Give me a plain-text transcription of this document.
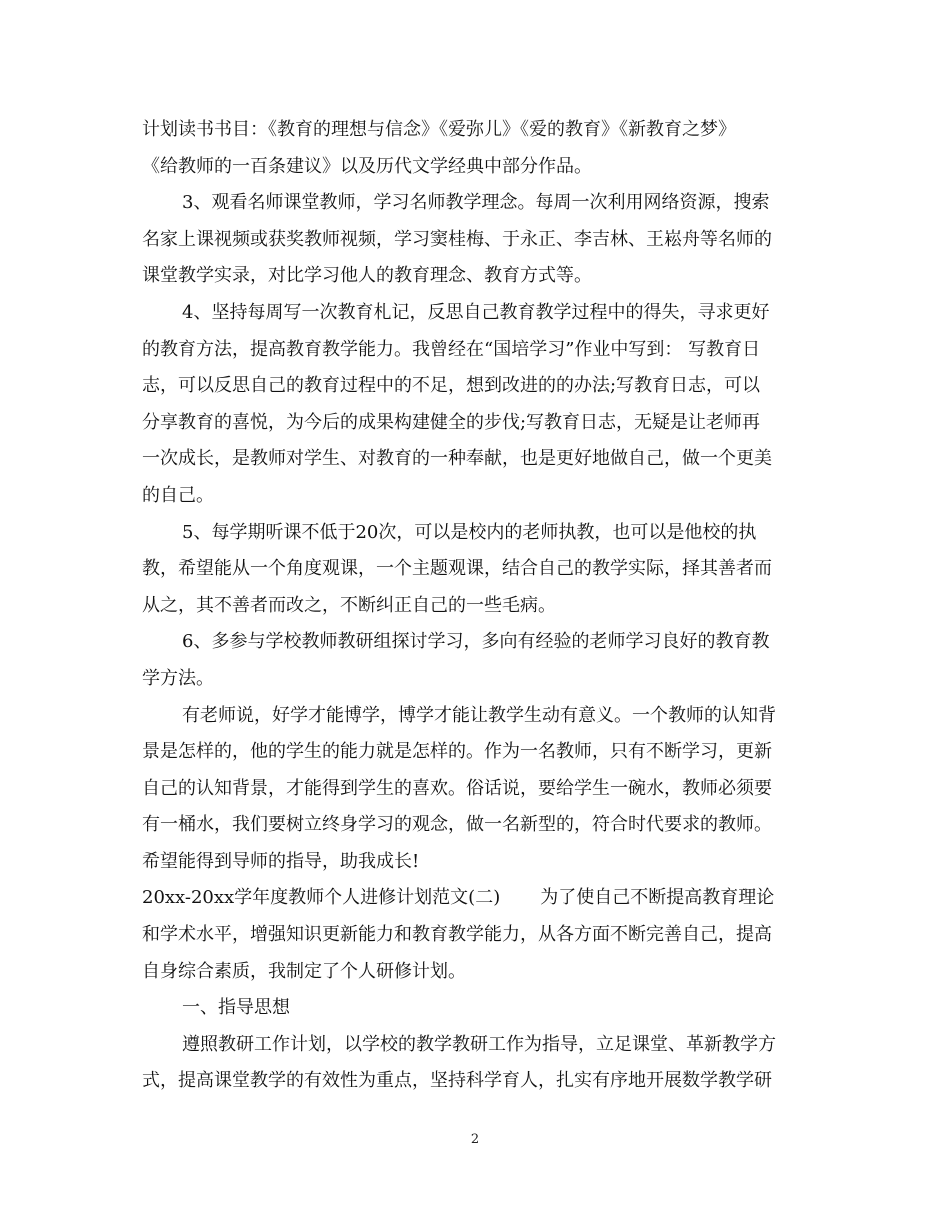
计划读书书目：《教育的理想与信念》《爱弥儿》《爱的教育》《新教育之梦》
《给教师的一百条建议》以及历代文学经典中部分作品。
3、观看名师课堂教师，学习名师教学理念。每周一次利用网络资源，搜索
名家上课视频或获奖教师视频，学习窦桂梅、于永正、李吉林、王崧舟等名师的
课堂教学实录，对比学习他人的教育理念、教育方式等。
4、坚持每周写一次教育札记，反思自己教育教学过程中的得失，寻求更好
的教育方法，提高教育教学能力。我曾经在“国培学习”作业中写到： 写教育日
志，可以反思自己的教育过程中的不足，想到改进的的办法;写教育日志，可以
分享教育的喜悦，为今后的成果构建健全的步伐;写教育日志，无疑是让老师再
一次成长，是教师对学生、对教育的一种奉献，也是更好地做自己，做一个更美
的自己。
5、每学期听课不低于20次，可以是校内的老师执教，也可以是他校的执
教，希望能从一个角度观课，一个主题观课，结合自己的教学实际，择其善者而
从之，其不善者而改之，不断纠正自己的一些毛病。
6、多参与学校教师教研组探讨学习，多向有经验的老师学习良好的教育教
学方法。
有老师说，好学才能博学，博学才能让教学生动有意义。一个教师的认知背
景是怎样的，他的学生的能力就是怎样的。作为一名教师，只有不断学习，更新
自己的认知背景，才能得到学生的喜欢。俗话说，要给学生一碗水，教师必须要
有一桶水，我们要树立终身学习的观念，做一名新型的，符合时代要求的教师。
希望能得到导师的指导，助我成长!
20xx-20xx学年度教师个人进修计划范文(二)       为了使自己不断提高教育理论
和学术水平，增强知识更新能力和教育教学能力，从各方面不断完善自己，提高
自身综合素质，我制定了个人研修计划。
一、指导思想
遵照教研工作计划，以学校的教学教研工作为指导，立足课堂、革新教学方
式，提高课堂教学的有效性为重点，坚持科学育人，扎实有序地开展数学教学研
2
